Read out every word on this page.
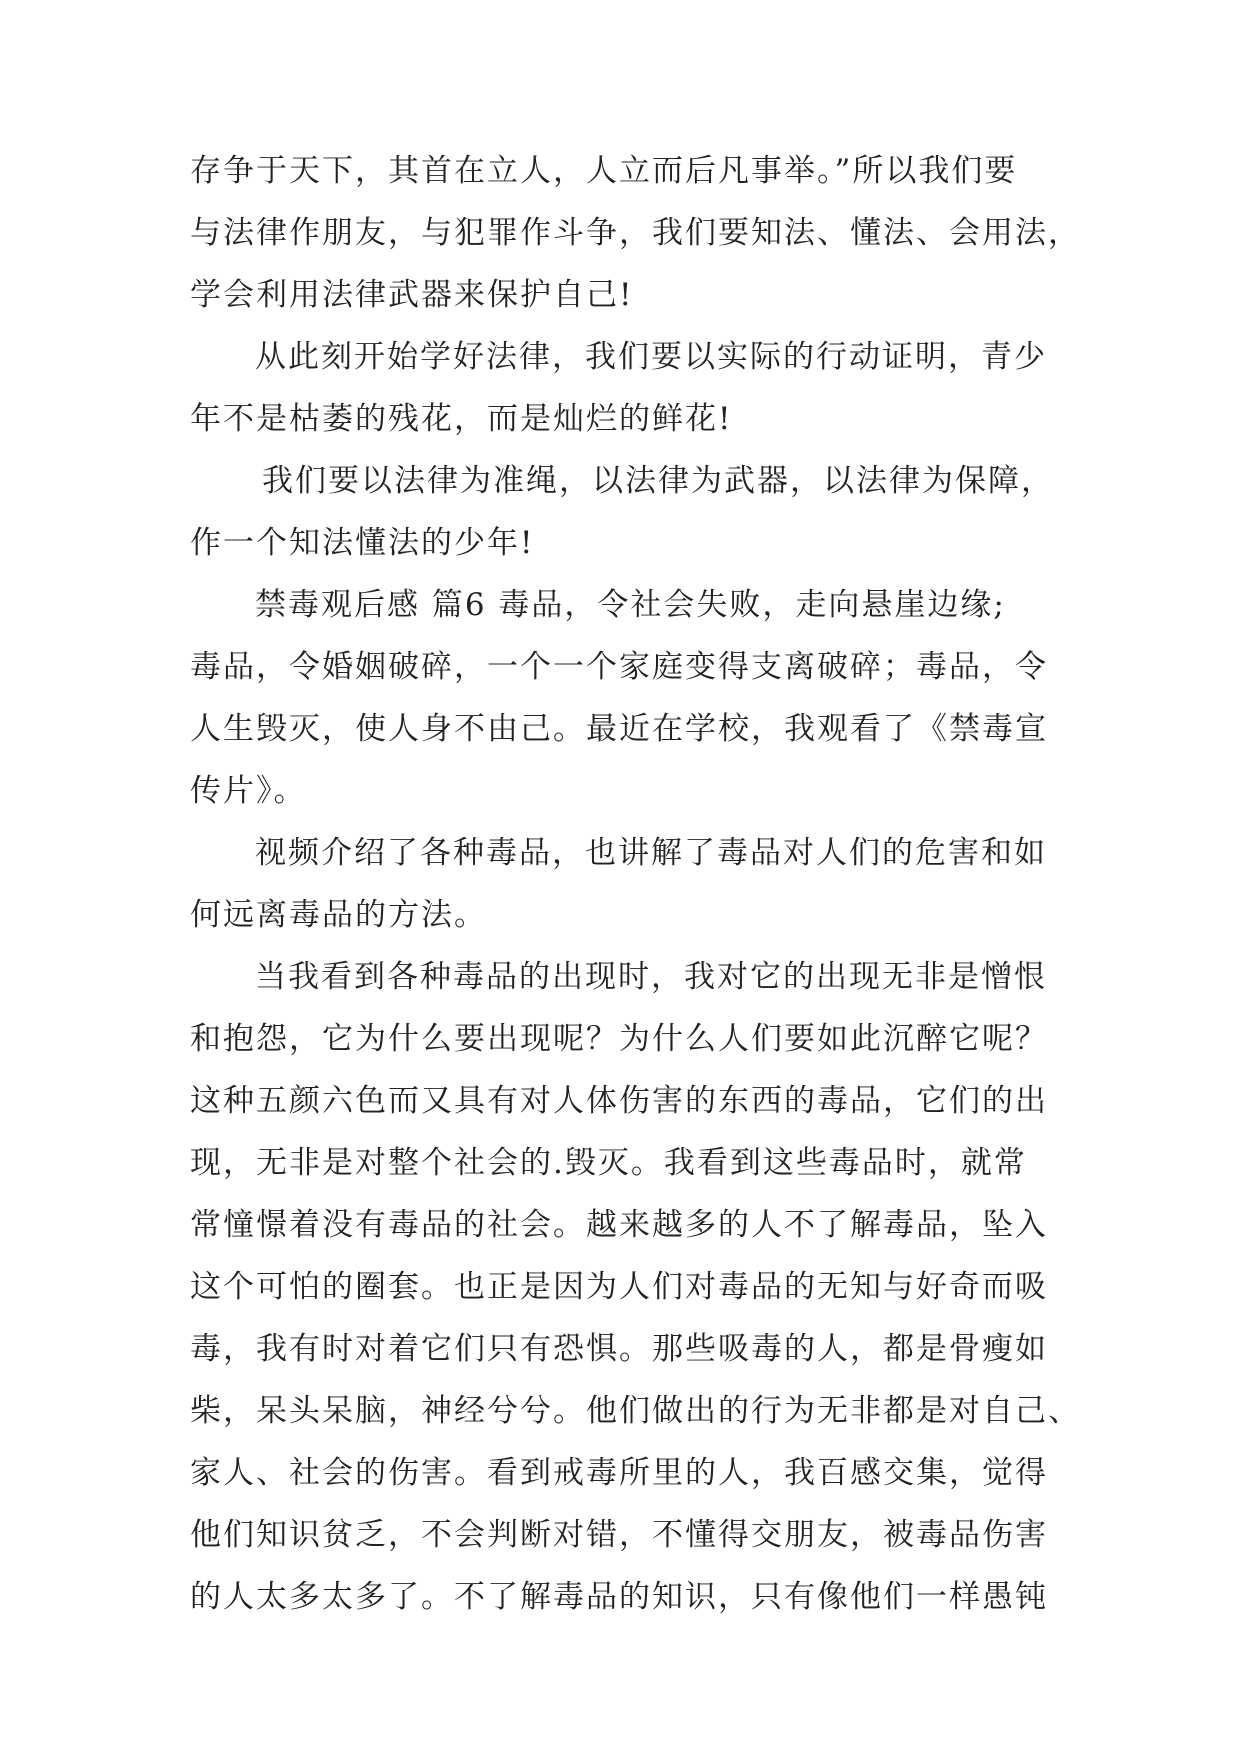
存争于天下，其首在立人，人立而后凡事举。”所以我们要
与法律作朋友，与犯罪作斗争，我们要知法、懂法、会用法，
学会利用法律武器来保护自己!
从此刻开始学好法律，我们要以实际的行动证明，青少
年不是枯萎的残花，而是灿烂的鲜花!
我们要以法律为准绳，以法律为武器，以法律为保障，
作一个知法懂法的少年!
禁毒观后感 篇6 毒品，令社会失败，走向悬崖边缘;
毒品，令婚姻破碎，一个一个家庭变得支离破碎；毒品，令
人生毁灭，使人身不由己。最近在学校，我观看了《禁毒宣
传片》。
视频介绍了各种毒品，也讲解了毒品对人们的危害和如
何远离毒品的方法。
当我看到各种毒品的出现时，我对它的出现无非是憎恨
和抱怨，它为什么要出现呢？为什么人们要如此沉醉它呢？
这种五颜六色而又具有对人体伤害的东西的毒品，它们的出
现，无非是对整个社会的.毁灭。我看到这些毒品时，就常
常憧憬着没有毒品的社会。越来越多的人不了解毒品，坠入
这个可怕的圈套。也正是因为人们对毒品的无知与好奇而吸
毒，我有时对着它们只有恐惧。那些吸毒的人，都是骨瘦如
柴，呆头呆脑，神经兮兮。他们做出的行为无非都是对自己、
家人、社会的伤害。看到戒毒所里的人，我百感交集，觉得
他们知识贫乏，不会判断对错，不懂得交朋友，被毒品伤害
的人太多太多了。不了解毒品的知识，只有像他们一样愚钝
